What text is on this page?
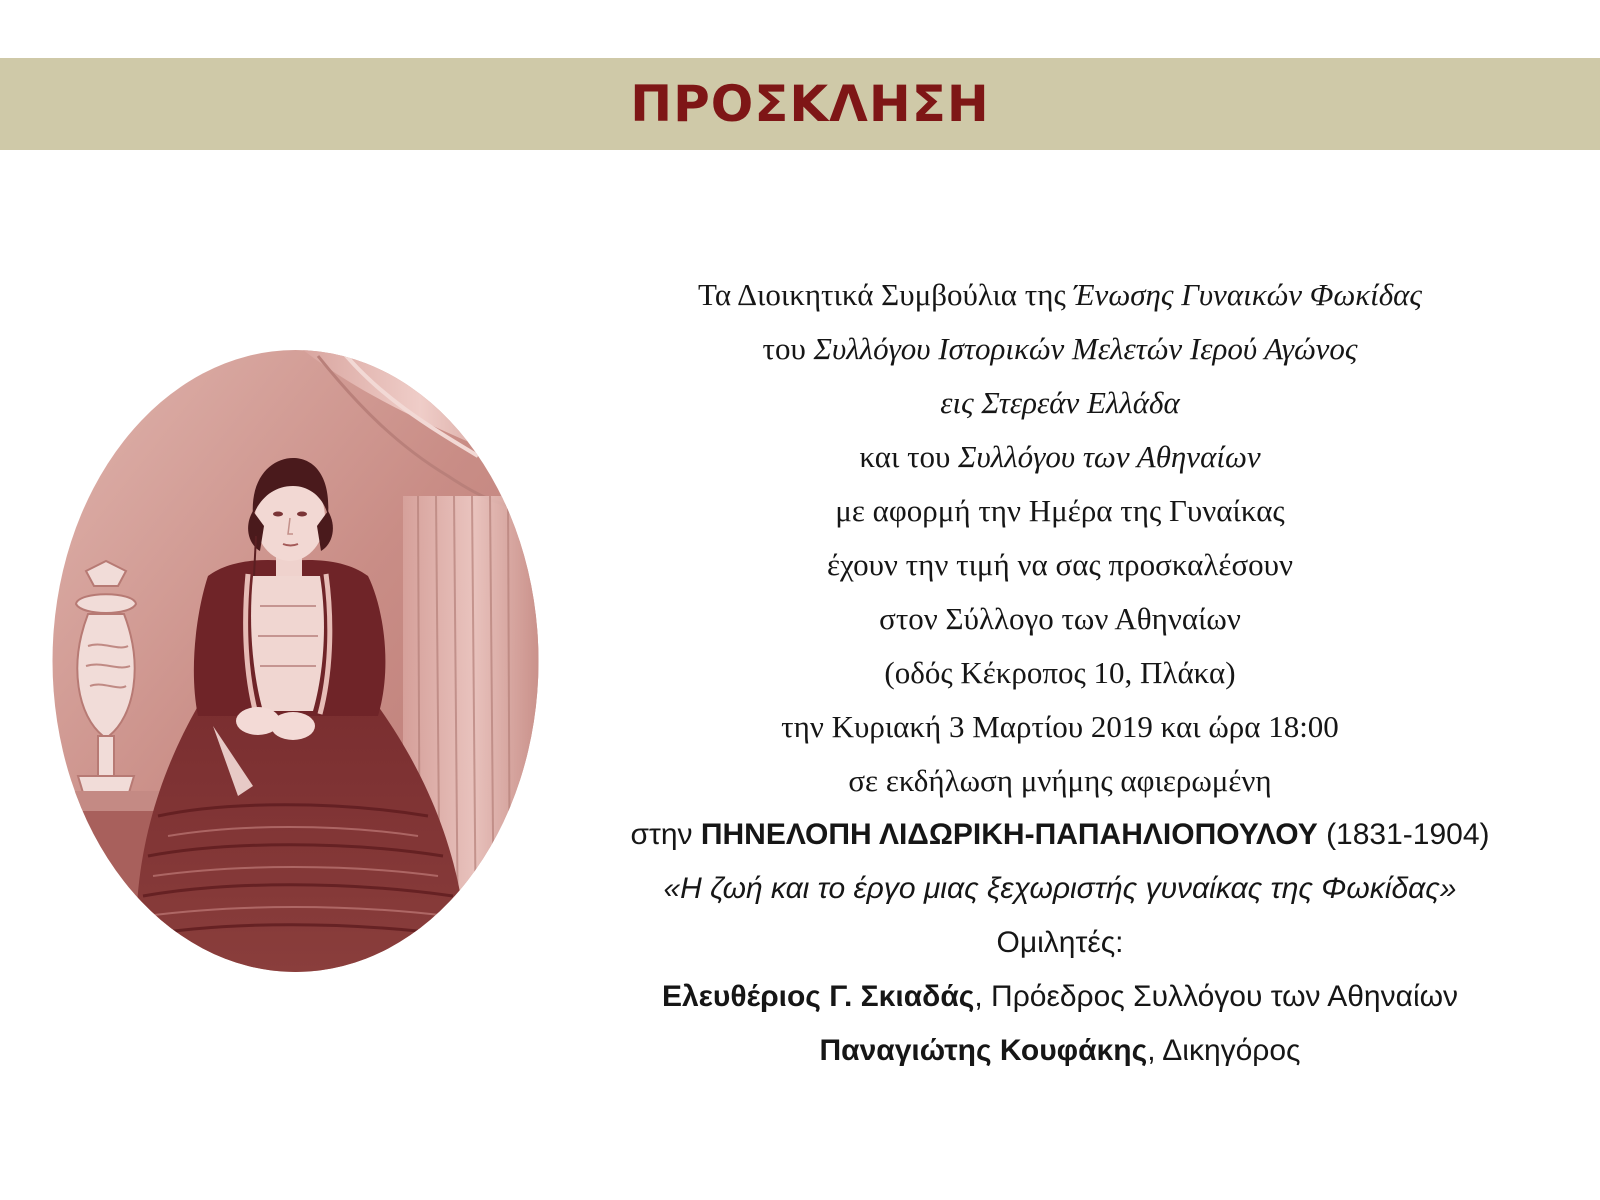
ΠΡΟΣΚΛΗΣΗ
Τα Διοικητικά Συμβούλια της Ένωσης Γυναικών Φωκίδας
του Συλλόγου Ιστορικών Μελετών Ιερού Αγώνος
εις Στερεάν Ελλάδα
και του Συλλόγου των Αθηναίων
με αφορμή την Ημέρα της Γυναίκας
έχουν την τιμή να σας προσκαλέσουν
στον Σύλλογο των Αθηναίων
(οδός Κέκροπος 10, Πλάκα)
την Κυριακή 3 Μαρτίου 2019 και ώρα 18:00
σε εκδήλωση μνήμης αφιερωμένη
στην ΠΗΝΕΛΟΠΗ ΛΙΔΩΡΙΚΗ-ΠΑΠΑΗΛΙΟΠΟΥΛΟΥ (1831-1904)
«Η ζωή και το έργο μιας ξεχωριστής γυναίκας της Φωκίδας»
Ομιλητές:
Ελευθέριος Γ. Σκιαδάς, Πρόεδρος Συλλόγου των Αθηναίων
Παναγιώτης Κουφάκης, Δικηγόρος
